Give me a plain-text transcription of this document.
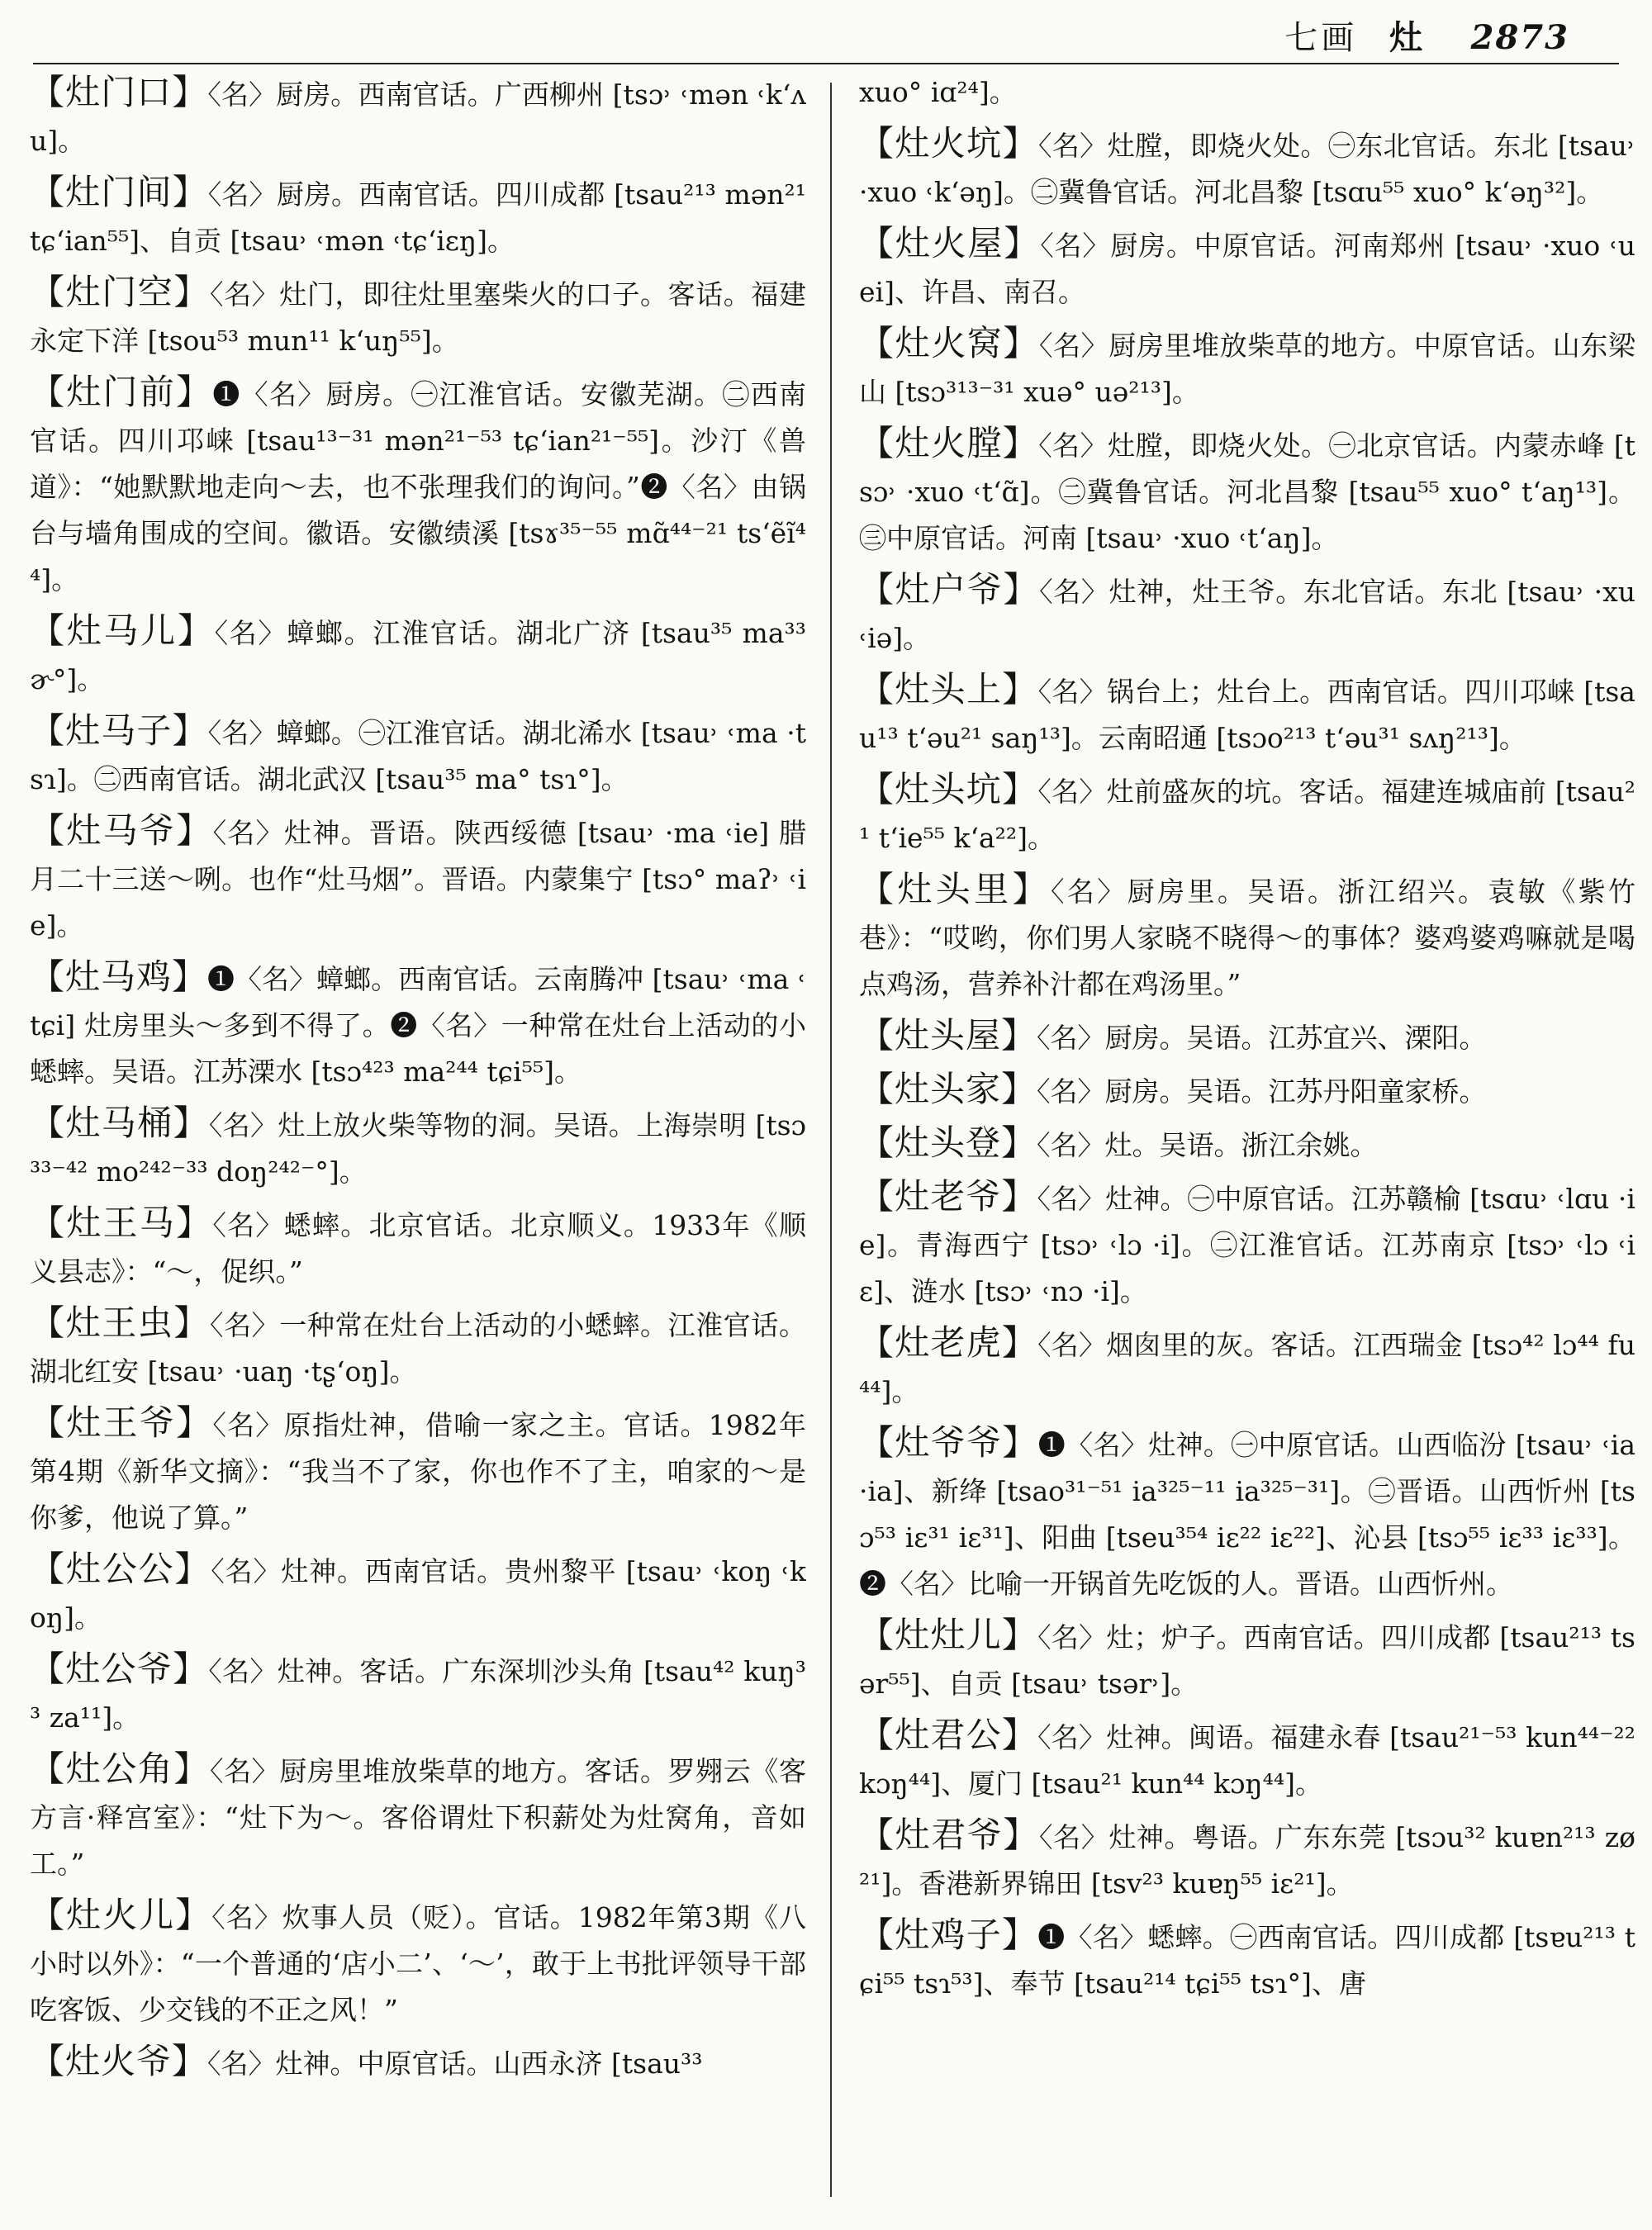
七画 灶 2873

【灶门口】〈名〉厨房。西南官话。广西柳州 [tsɔ˒ ˓mən ˓k‘ʌu]。

【灶门间】〈名〉厨房。西南官话。四川成都 [tsau²¹³ mən²¹ tɕ‘ian⁵⁵]、自贡 [tsau˒ ˓mən ˓tɕ‘iɛŋ]。

【灶门空】〈名〉灶门，即往灶里塞柴火的口子。客话。福建永定下洋 [tsou⁵³ mun¹¹ k‘uŋ⁵⁵]。

【灶门前】❶〈名〉厨房。㊀江淮官话。安徽芜湖。㊁西南官话。四川邛崃 [tsau¹³⁻³¹ mən²¹⁻⁵³ tɕ‘ian²¹⁻⁵⁵]。沙汀《兽道》：“她默默地走向～去，也不张理我们的询问。”❷〈名〉由锅台与墙角围成的空间。徽语。安徽绩溪 [tsɤ³⁵⁻⁵⁵ mɑ̃⁴⁴⁻²¹ ts‘ẽĩ⁴⁴]。

【灶马儿】〈名〉蟑螂。江淮官话。湖北广济 [tsau³⁵ ma³³ ɚ°]。

【灶马子】〈名〉蟑螂。㊀江淮官话。湖北浠水 [tsau˒ ˓ma ·tsɿ]。㊁西南官话。湖北武汉 [tsau³⁵ ma° tsɿ°]。

【灶马爷】〈名〉灶神。晋语。陕西绥德 [tsau˒ ·ma ˓ie] 腊月二十三送～咧。也作“灶马烟”。晋语。内蒙集宁 [tsɔ° maʔ˒ ˓ie]。

【灶马鸡】❶〈名〉蟑螂。西南官话。云南腾冲 [tsau˒ ˓ma ˓tɕi] 灶房里头～多到不得了。❷〈名〉一种常在灶台上活动的小蟋蟀。吴语。江苏溧水 [tsɔ⁴²³ ma²⁴⁴ tɕi⁵⁵]。

【灶马桶】〈名〉灶上放火柴等物的洞。吴语。上海崇明 [tsɔ³³⁻⁴² mo²⁴²⁻³³ doŋ²⁴²⁻°]。

【灶王马】〈名〉蟋蟀。北京官话。北京顺义。1933年《顺义县志》：“～，促织。”

【灶王虫】〈名〉一种常在灶台上活动的小蟋蟀。江淮官话。湖北红安 [tsau˒ ·uaŋ ·tʂ‘oŋ]。

【灶王爷】〈名〉原指灶神，借喻一家之主。官话。1982年第4期《新华文摘》：“我当不了家，你也作不了主，咱家的～是你爹，他说了算。”

【灶公公】〈名〉灶神。西南官话。贵州黎平 [tsau˒ ˓koŋ ˓koŋ]。

【灶公爷】〈名〉灶神。客话。广东深圳沙头角 [tsau⁴² kuŋ³³ za¹¹]。

【灶公角】〈名〉厨房里堆放柴草的地方。客话。罗翙云《客方言·释宫室》：“灶下为～。客俗谓灶下积薪处为灶窝角，音如工。”

【灶火儿】〈名〉炊事人员（贬）。官话。1982年第3期《八小时以外》：“一个普通的‘店小二’、‘～’，敢于上书批评领导干部吃客饭、少交钱的不正之风！”

【灶火爷】〈名〉灶神。中原官话。山西永济 [tsau³³

xuo° iɑ²⁴]。

【灶火坑】〈名〉灶膛，即烧火处。㊀东北官话。东北 [tsau˒ ·xuo ˓k‘əŋ]。㊁冀鲁官话。河北昌黎 [tsɑu⁵⁵ xuo° k‘əŋ³²]。

【灶火屋】〈名〉厨房。中原官话。河南郑州 [tsau˒ ·xuo ˓uei]、许昌、南召。

【灶火窝】〈名〉厨房里堆放柴草的地方。中原官话。山东梁山 [tsɔ³¹³⁻³¹ xuə° uə²¹³]。

【灶火膛】〈名〉灶膛，即烧火处。㊀北京官话。内蒙赤峰 [tsɔ˒ ·xuo ˓t‘ɑ̃]。㊁冀鲁官话。河北昌黎 [tsau⁵⁵ xuo° t‘aŋ¹³]。㊂中原官话。河南 [tsau˒ ·xuo ˓t‘aŋ]。

【灶户爷】〈名〉灶神，灶王爷。东北官话。东北 [tsau˒ ·xu ˓iə]。

【灶头上】〈名〉锅台上；灶台上。西南官话。四川邛崃 [tsau¹³ t‘əu²¹ saŋ¹³]。云南昭通 [tsɔo²¹³ t‘əu³¹ sʌŋ²¹³]。

【灶头坑】〈名〉灶前盛灰的坑。客话。福建连城庙前 [tsau²¹ t‘ie⁵⁵ k‘a²²]。

【灶头里】〈名〉厨房里。吴语。浙江绍兴。袁敏《紫竹巷》：“哎哟，你们男人家晓不晓得～的事体？婆鸡婆鸡嘛就是喝点鸡汤，营养补汁都在鸡汤里。”

【灶头屋】〈名〉厨房。吴语。江苏宜兴、溧阳。

【灶头家】〈名〉厨房。吴语。江苏丹阳童家桥。

【灶头登】〈名〉灶。吴语。浙江余姚。

【灶老爷】〈名〉灶神。㊀中原官话。江苏赣榆 [tsɑu˒ ˓lɑu ·ie]。青海西宁 [tsɔ˒ ˓lɔ ·i]。㊁江淮官话。江苏南京 [tsɔ˒ ˓lɔ ˓iɛ]、涟水 [tsɔ˒ ˓nɔ ·i]。

【灶老虎】〈名〉烟囱里的灰。客话。江西瑞金 [tsɔ⁴² lɔ⁴⁴ fu⁴⁴]。

【灶爷爷】❶〈名〉灶神。㊀中原官话。山西临汾 [tsau˒ ˓ia ·ia]、新绛 [tsao³¹⁻⁵¹ ia³²⁵⁻¹¹ ia³²⁵⁻³¹]。㊁晋语。山西忻州 [tsɔ⁵³ iɛ³¹ iɛ³¹]、阳曲 [tseu³⁵⁴ iɛ²² iɛ²²]、沁县 [tsɔ⁵⁵ iɛ³³ iɛ³³]。❷〈名〉比喻一开锅首先吃饭的人。晋语。山西忻州。

【灶灶儿】〈名〉灶；炉子。西南官话。四川成都 [tsau²¹³ tsər⁵⁵]、自贡 [tsau˒ tsər˒]。

【灶君公】〈名〉灶神。闽语。福建永春 [tsau²¹⁻⁵³ kun⁴⁴⁻²² kɔŋ⁴⁴]、厦门 [tsau²¹ kun⁴⁴ kɔŋ⁴⁴]。

【灶君爷】〈名〉灶神。粤语。广东东莞 [tsɔu³² kuɐn²¹³ zø²¹]。香港新界锦田 [tsv²³ kuɐŋ⁵⁵ iɛ²¹]。

【灶鸡子】❶〈名〉蟋蟀。㊀西南官话。四川成都 [tsɐu²¹³ tɕi⁵⁵ tsɿ⁵³]、奉节 [tsau²¹⁴ tɕi⁵⁵ tsɿ°]、唐
